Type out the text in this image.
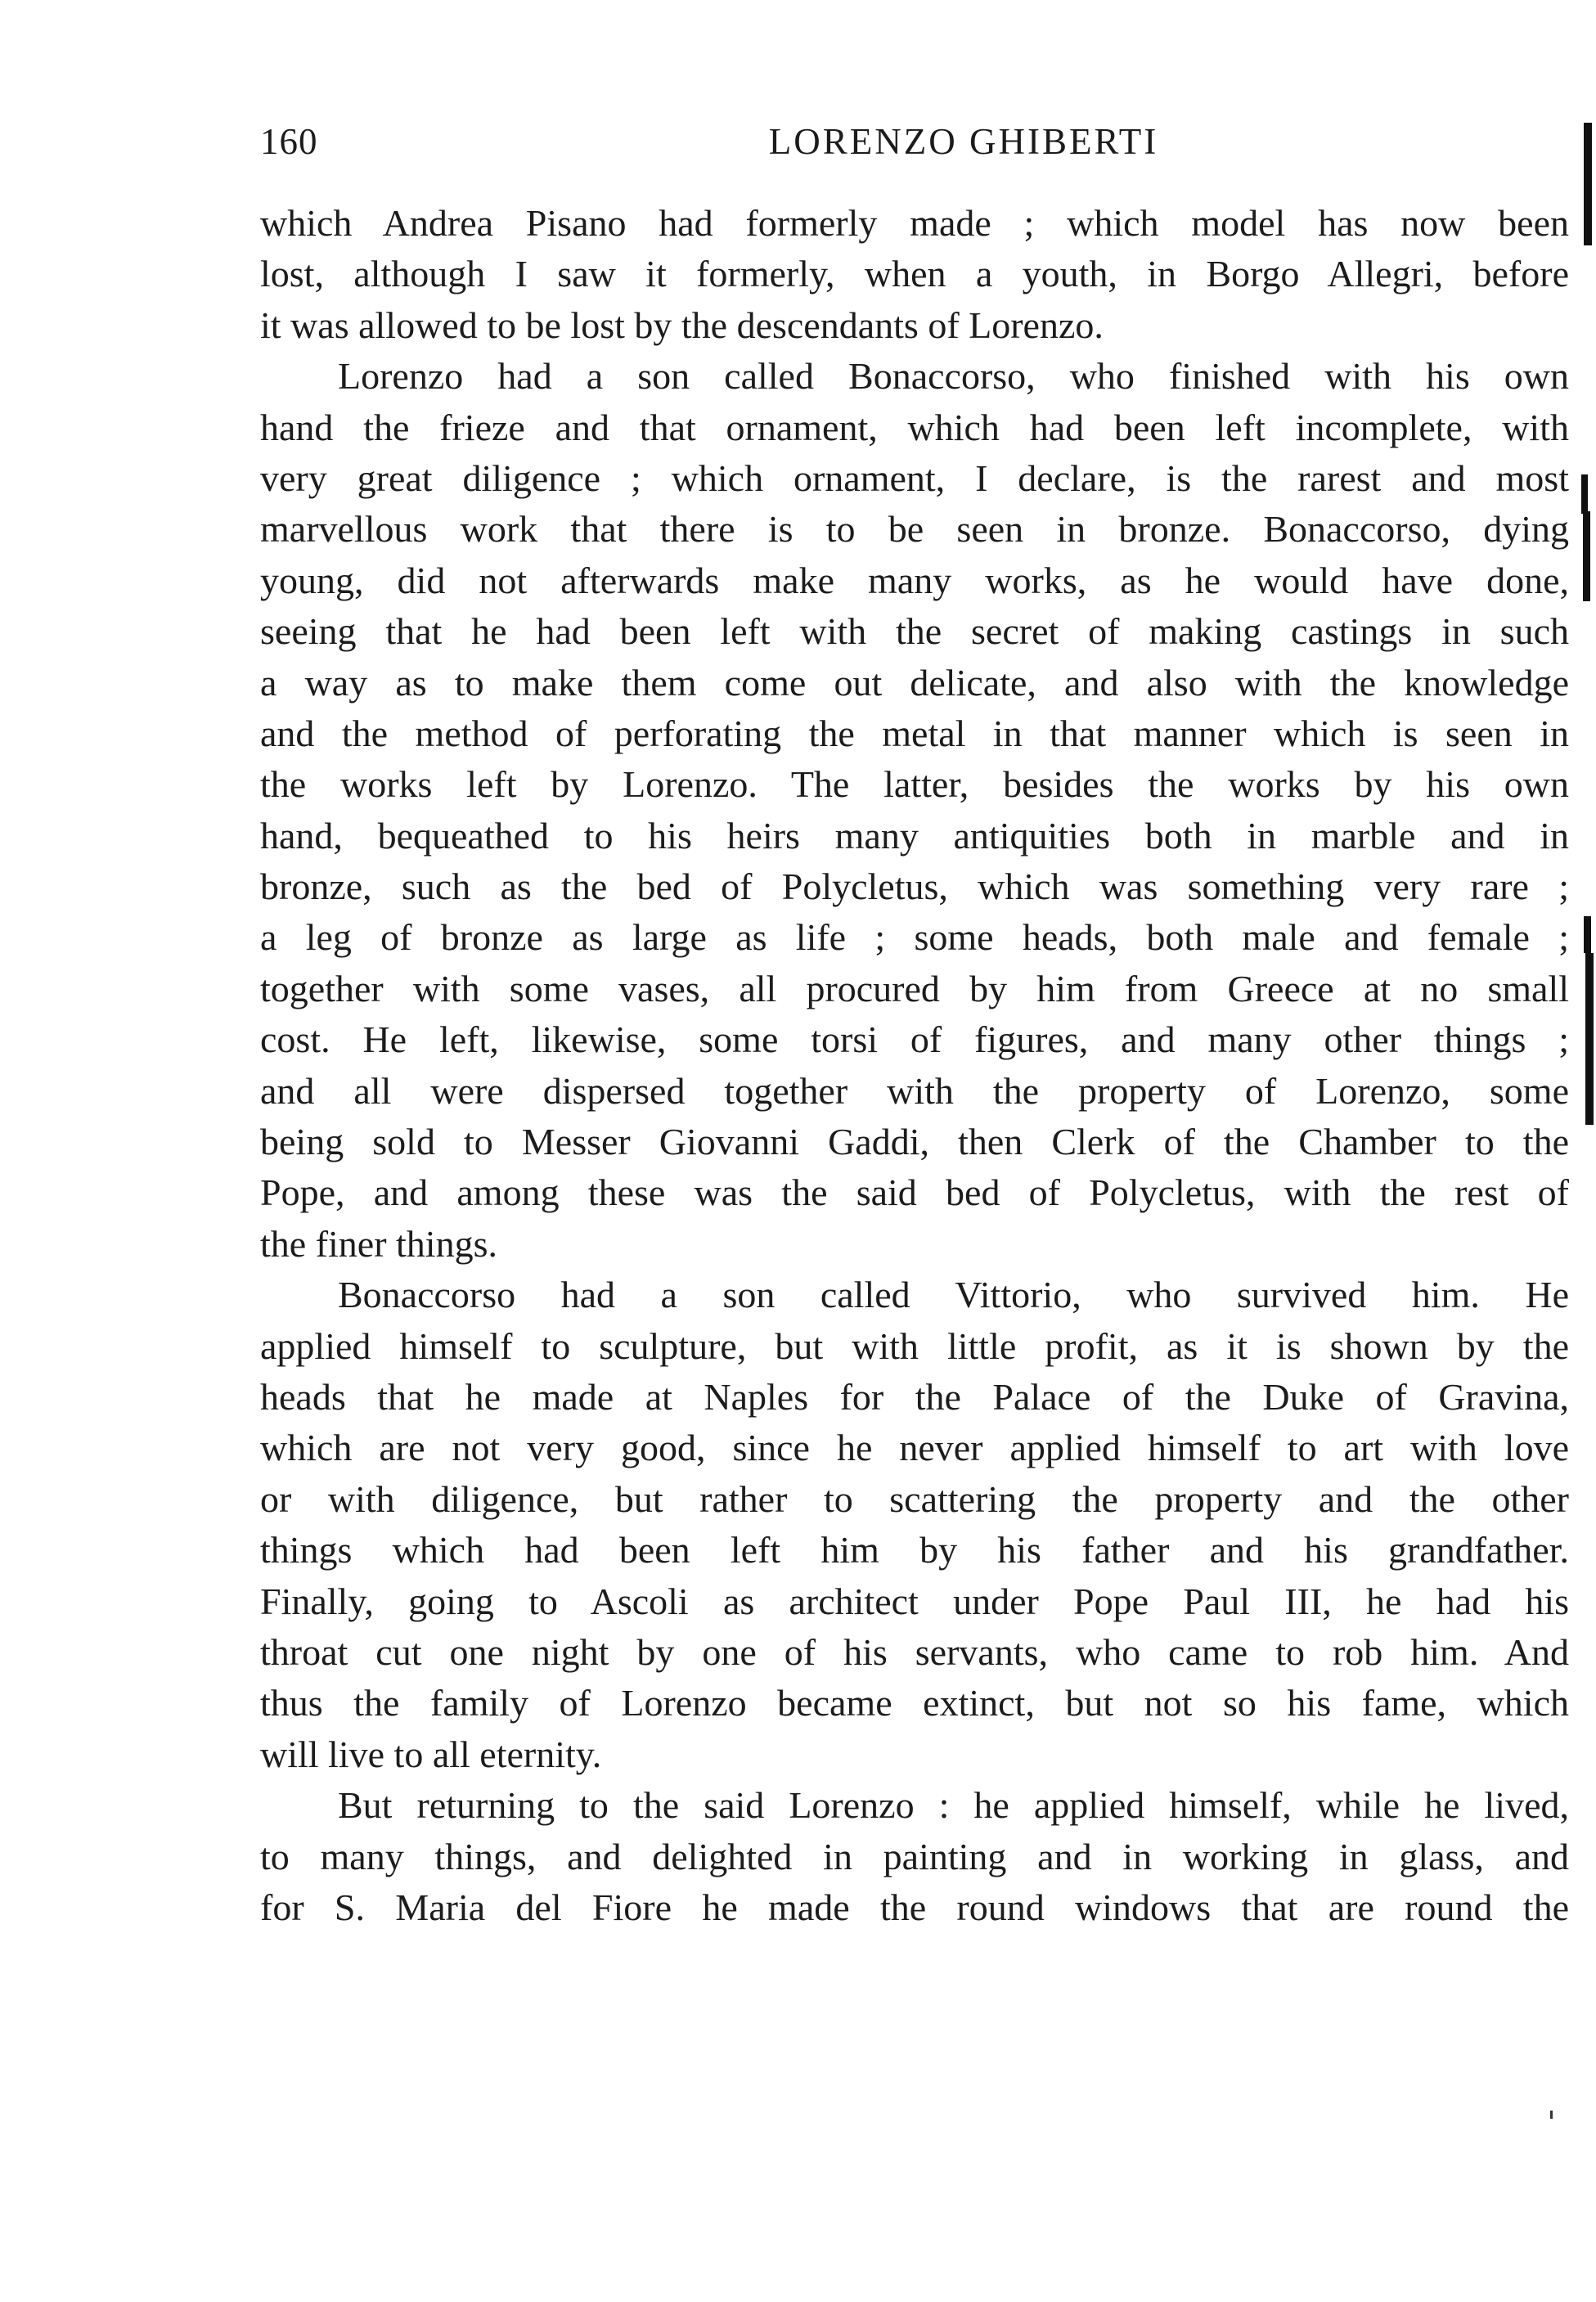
160	LORENZO GHIBERTI
which Andrea Pisano had formerly made ; which model has now been
lost, although I saw it formerly, when a youth, in Borgo Allegri, before
it was allowed to be lost by the descendants of Lorenzo.
Lorenzo had a son called Bonaccorso, who finished with his own
hand the frieze and that ornament, which had been left incomplete, with
very great diligence ; which ornament, I declare, is the rarest and most
marvellous work that there is to be seen in bronze. Bonaccorso, dying
young, did not afterwards make many works, as he would have done,
seeing that he had been left with the secret of making castings in such
a way as to make them come out delicate, and also with the knowledge
and the method of perforating the metal in that manner which is seen in
the works left by Lorenzo. The latter, besides the works by his own
hand, bequeathed to his heirs many antiquities both in marble and in
bronze, such as the bed of Polycletus, which was something very rare ;
a leg of bronze as large as life ; some heads, both male and female ;
together with some vases, all procured by him from Greece at no small
cost. He left, likewise, some torsi of figures, and many other things ;
and all were dispersed together with the property of Lorenzo, some
being sold to Messer Giovanni Gaddi, then Clerk of the Chamber to the
Pope, and among these was the said bed of Polycletus, with the rest of
the finer things.
Bonaccorso had a son called Vittorio, who survived him. He
applied himself to sculpture, but with little profit, as it is shown by the
heads that he made at Naples for the Palace of the Duke of Gravina,
which are not very good, since he never applied himself to art with love
or with diligence, but rather to scattering the property and the other
things which had been left him by his father and his grandfather.
Finally, going to Ascoli as architect under Pope Paul III, he had his
throat cut one night by one of his servants, who came to rob him. And
thus the family of Lorenzo became extinct, but not so his fame, which
will live to all eternity.
But returning to the said Lorenzo : he applied himself, while he lived,
to many things, and delighted in painting and in working in glass, and
for S. Maria del Fiore he made the round windows that are round the
